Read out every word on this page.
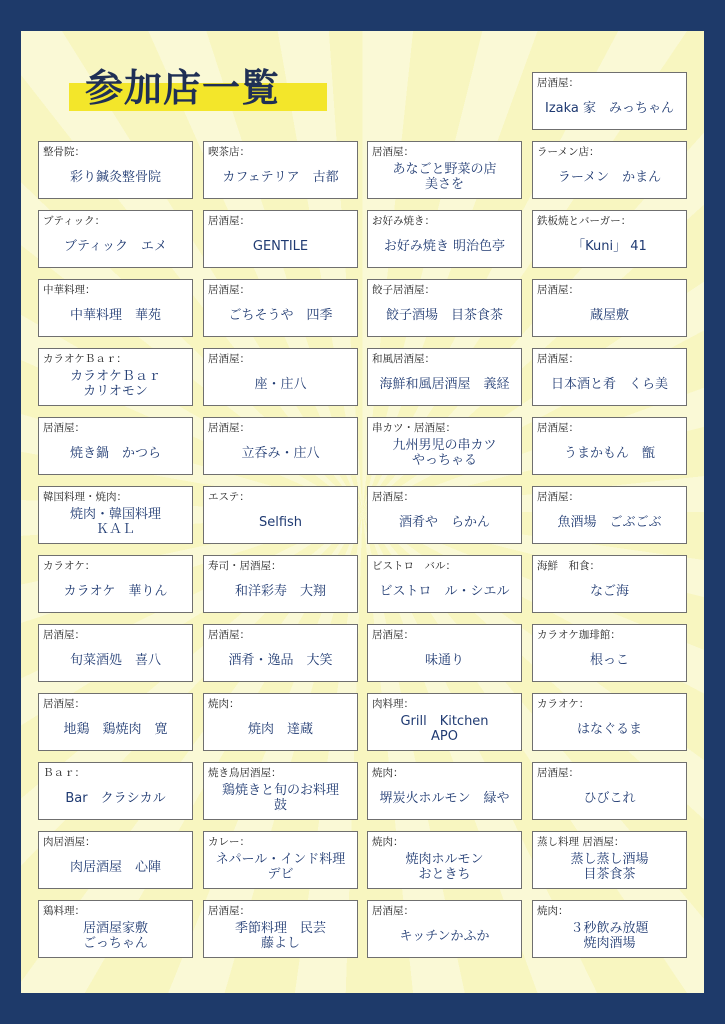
参加店一覧	居酒屋：
Izaka 家　みっちゃん
整骨院：
彩り鍼灸整骨院
喫茶店：
カフェテリア　古都
居酒屋：
あなごと野菜の店
美さを
ラーメン店：
ラーメン　かまん
ブティック：
ブティック　エメ
居酒屋：
GENTILE
お好み焼き：
お好み焼き 明治色亭
鉄板焼とバーガー：
「Kuni」 41
中華料理：
中華料理　華苑
居酒屋：
ごちそうや　四季
餃子居酒屋：
餃子酒場　目茶食茶
居酒屋：
蔵屋敷
カラオケＢａｒ：
カラオケＢａｒ
カリオモン
居酒屋：
座・庄八
和風居酒屋：
海鮮和風居酒屋　義経
居酒屋：
日本酒と肴　くら美
居酒屋：
焼き鍋　かつら
居酒屋：
立呑み・庄八
串カツ・居酒屋：
九州男児の串カツ
やっちゃる
居酒屋：
うまかもん　甑
韓国料理・焼肉：
焼肉・韓国料理
ＫＡＬ
エステ：
Selfish
居酒屋：
酒肴や　らかん
居酒屋：
魚酒場　ごぶごぶ
カラオケ：
カラオケ　華りん
寿司・居酒屋：
和洋彩寿　大翔
ビストロ　バル：
ビストロ　ル・シエル
海鮮　和食：
なご海
居酒屋：
旬菜酒処　喜八
居酒屋：
酒肴・逸品　大笑
居酒屋：
味通り
カラオケ珈琲館：
根っこ
居酒屋：
地鶏　鶏焼肉　寛
焼肉：
焼肉　達蔵
肉料理：
Grill　Kitchen
APO
カラオケ：
はなぐるま
Ｂａｒ：
Bar　クラシカル
焼き鳥居酒屋：
鶏焼きと旬のお料理
鼓
焼肉：
堺炭火ホルモン　緑や
居酒屋：
ひびこれ
肉居酒屋：
肉居酒屋　心陣
カレー：
ネパール・インド料理
デビ
焼肉：
焼肉ホルモン
おときち
蒸し料理 居酒屋：
蒸し蒸し酒場
目茶食茶
鶏料理：
居酒屋家敷
ごっちゃん
居酒屋：
季節料理　民芸
藤よし
居酒屋：
キッチンかふか
焼肉：
３秒飲み放題
焼肉酒場
